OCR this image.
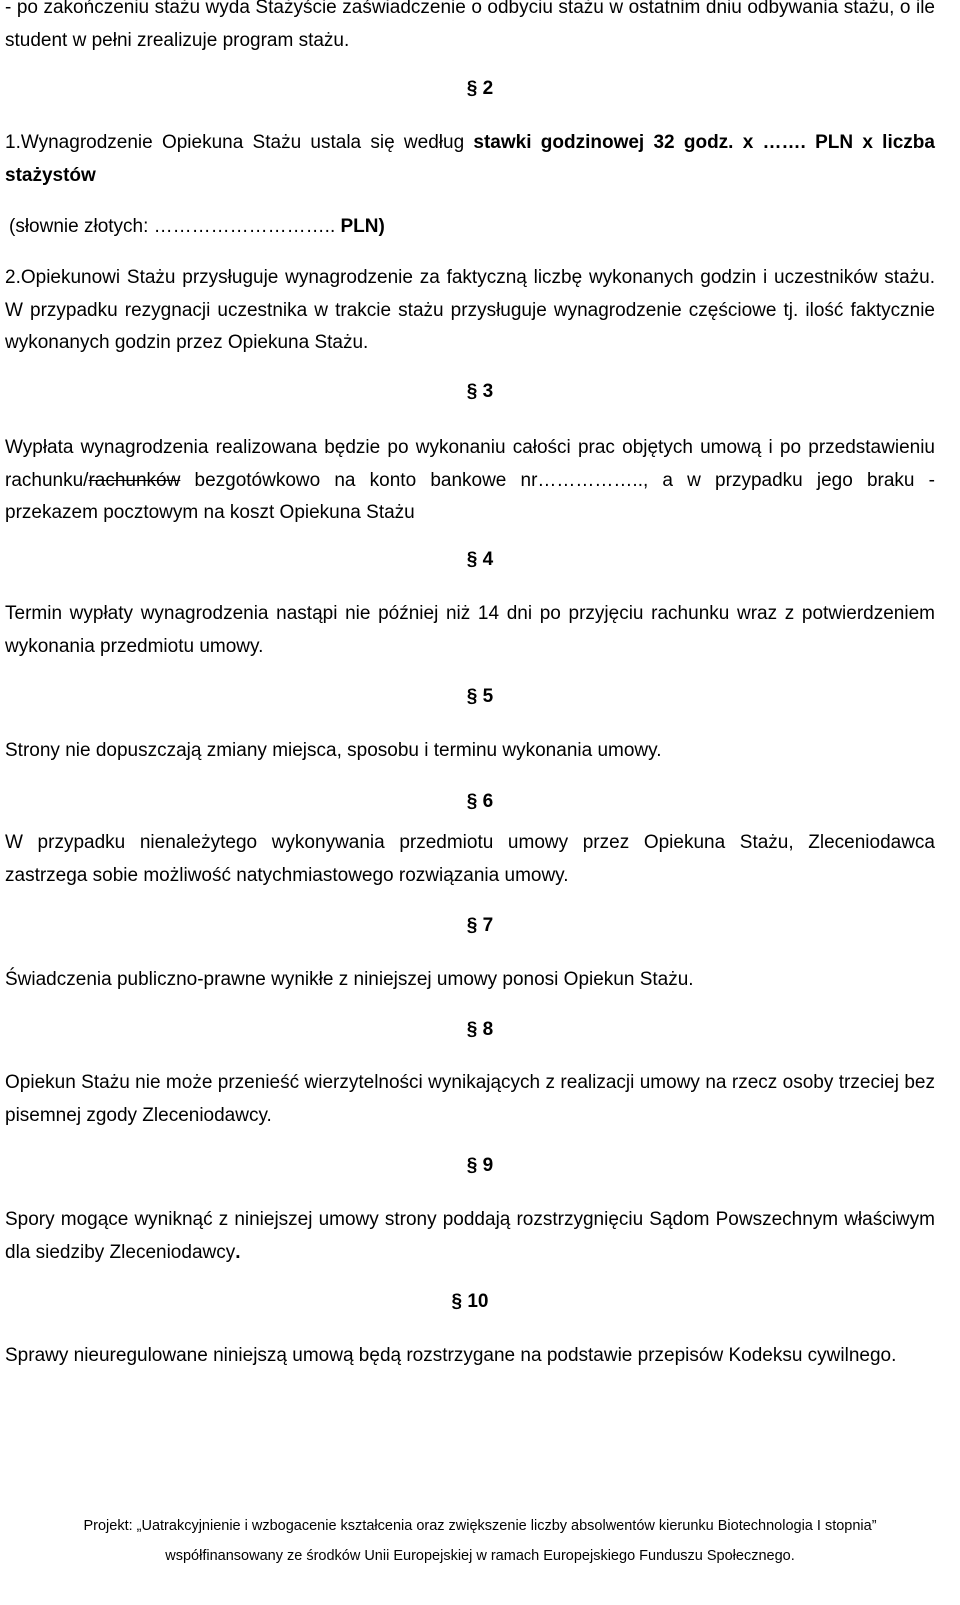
- po zakończeniu stażu wyda Stażyście zaświadczenie o odbyciu stażu w ostatnim dniu odbywania stażu, o ile student w pełni zrealizuje program stażu.

§ 2

1.Wynagrodzenie Opiekuna Stażu ustala się według stawki godzinowej 32 godz. x ……. PLN x liczba stażystów

(słownie złotych: ……………………….. PLN)

2.Opiekunowi Stażu przysługuje wynagrodzenie za faktyczną liczbę wykonanych godzin i uczestników stażu. W przypadku rezygnacji uczestnika w trakcie stażu przysługuje wynagrodzenie częściowe tj. ilość faktycznie wykonanych godzin przez Opiekuna Stażu.

§ 3

Wypłata wynagrodzenia realizowana będzie po wykonaniu całości prac objętych umową i po przedstawieniu rachunku/rachunków bezgotówkowo na konto bankowe nr…………….., a w przypadku jego braku - przekazem pocztowym na koszt Opiekuna Stażu

§ 4

Termin wypłaty wynagrodzenia nastąpi nie później niż 14 dni po przyjęciu rachunku wraz z potwierdzeniem wykonania przedmiotu umowy.

§ 5

Strony nie dopuszczają zmiany miejsca, sposobu i terminu wykonania umowy.

§ 6

W przypadku nienależytego wykonywania przedmiotu umowy przez Opiekuna Stażu, Zleceniodawca zastrzega sobie możliwość natychmiastowego rozwiązania umowy.

§ 7

Świadczenia publiczno-prawne wynikłe z niniejszej umowy ponosi Opiekun Stażu.

§ 8

Opiekun Stażu nie może przenieść wierzytelności wynikających z realizacji umowy na rzecz osoby trzeciej bez pisemnej zgody Zleceniodawcy.

§ 9

Spory mogące wyniknąć z niniejszej umowy strony poddają rozstrzygnięciu Sądom Powszechnym właściwym dla siedziby Zleceniodawcy.

§ 10

Sprawy nieuregulowane niniejszą umową będą rozstrzygane na podstawie przepisów Kodeksu cywilnego.

Projekt: „Uatrakcyjnienie i wzbogacenie kształcenia oraz zwiększenie liczby absolwentów kierunku Biotechnologia I stopnia”
współfinansowany ze środków Unii Europejskiej w ramach Europejskiego Funduszu Społecznego.
